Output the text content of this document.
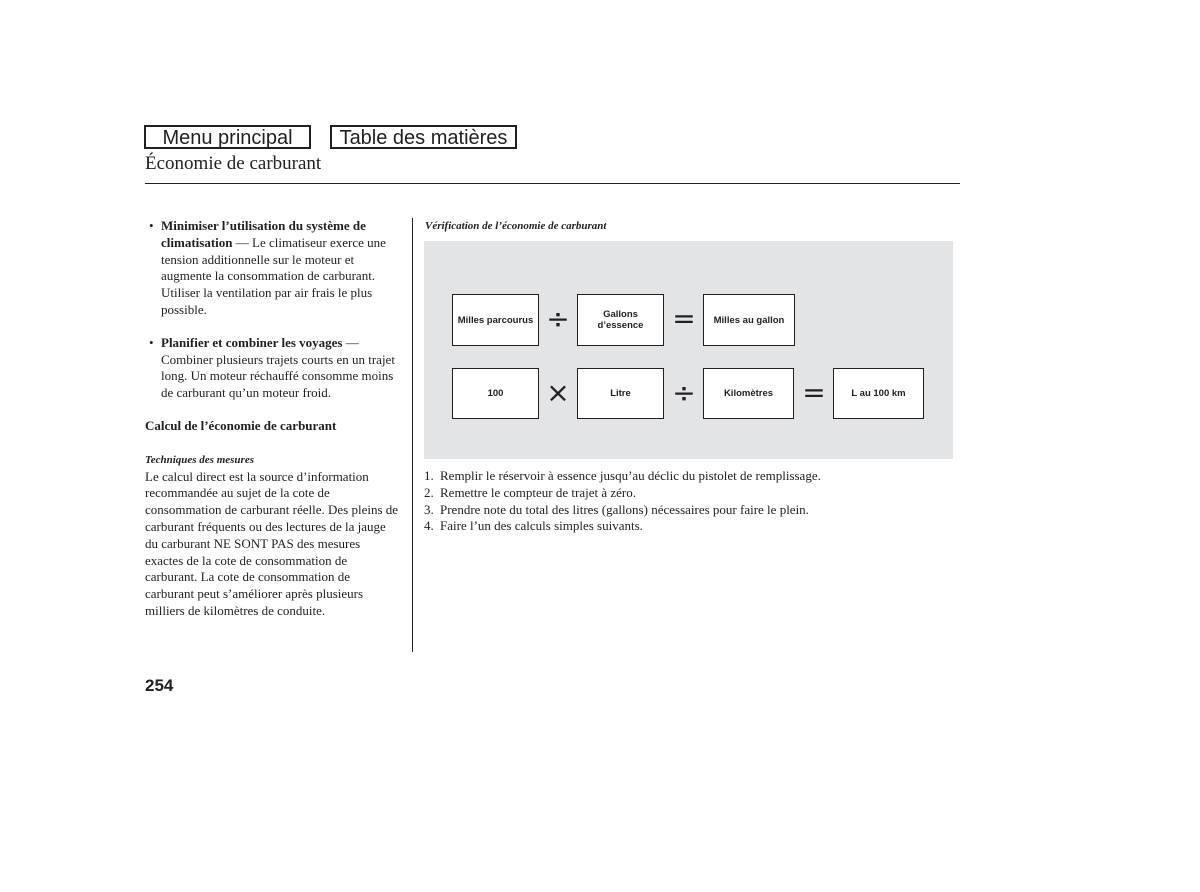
Menu principal	Table des matières
Économie de carburant

• Minimiser l’utilisation du système de climatisation — Le climatiseur exerce une tension additionnelle sur le moteur et augmente la consommation de carburant. Utiliser la ventilation par air frais le plus possible.

• Planifier et combiner les voyages — Combiner plusieurs trajets courts en un trajet long. Un moteur réchauffé consomme moins de carburant qu’un moteur froid.

Calcul de l’économie de carburant

Techniques des mesures

Le calcul direct est la source d’information recommandée au sujet de la cote de consommation de carburant réelle. Des pleins de carburant fréquents ou des lectures de la jauge du carburant NE SONT PAS des mesures exactes de la cote de consommation de carburant. La cote de consommation de carburant peut s’améliorer après plusieurs milliers de kilomètres de conduite.

Vérification de l’économie de carburant

Milles parcourus ÷	Gallons
d’essence =	Milles au gallon
100 ×	Litre ÷	Kilomètres =	L au 100 km
1. Remplir le réservoir à essence jusqu’au déclic du pistolet de remplissage.
2. Remettre le compteur de trajet à zéro.
3. Prendre note du total des litres (gallons) nécessaires pour faire le plein.
4. Faire l’un des calculs simples suivants.
254
